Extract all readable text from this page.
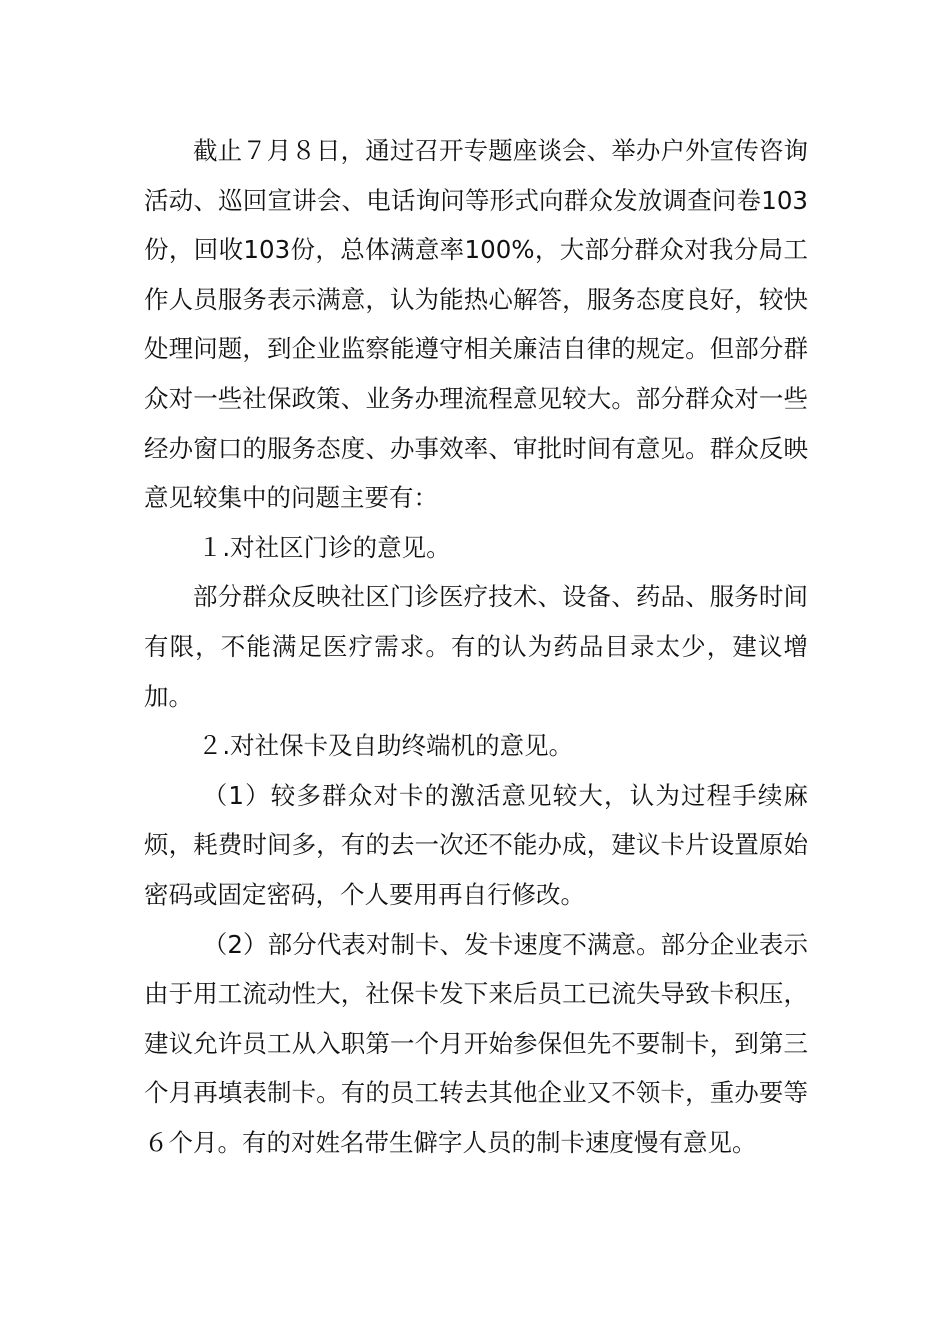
截止７月８日，通过召开专题座谈会、举办户外宣传咨询活动、巡回宣讲会、电话询问等形式向群众发放调查问卷103份，回收103份，总体满意率100%，大部分群众对我分局工作人员服务表示满意，认为能热心解答，服务态度良好，较快处理问题，到企业监察能遵守相关廉洁自律的规定。但部分群众对一些社保政策、业务办理流程意见较大。部分群众对一些经办窗口的服务态度、办事效率、审批时间有意见。群众反映意见较集中的问题主要有：

１.对社区门诊的意见。

部分群众反映社区门诊医疗技术、设备、药品、服务时间有限，不能满足医疗需求。有的认为药品目录太少，建议增加。

２.对社保卡及自助终端机的意见。

（1）较多群众对卡的激活意见较大，认为过程手续麻烦，耗费时间多，有的去一次还不能办成，建议卡片设置原始密码或固定密码，个人要用再自行修改。

（2）部分代表对制卡、发卡速度不满意。部分企业表示由于用工流动性大，社保卡发下来后员工已流失导致卡积压，建议允许员工从入职第一个月开始参保但先不要制卡，到第三个月再填表制卡。有的员工转去其他企业又不领卡，重办要等６个月。有的对姓名带生僻字人员的制卡速度慢有意见。
